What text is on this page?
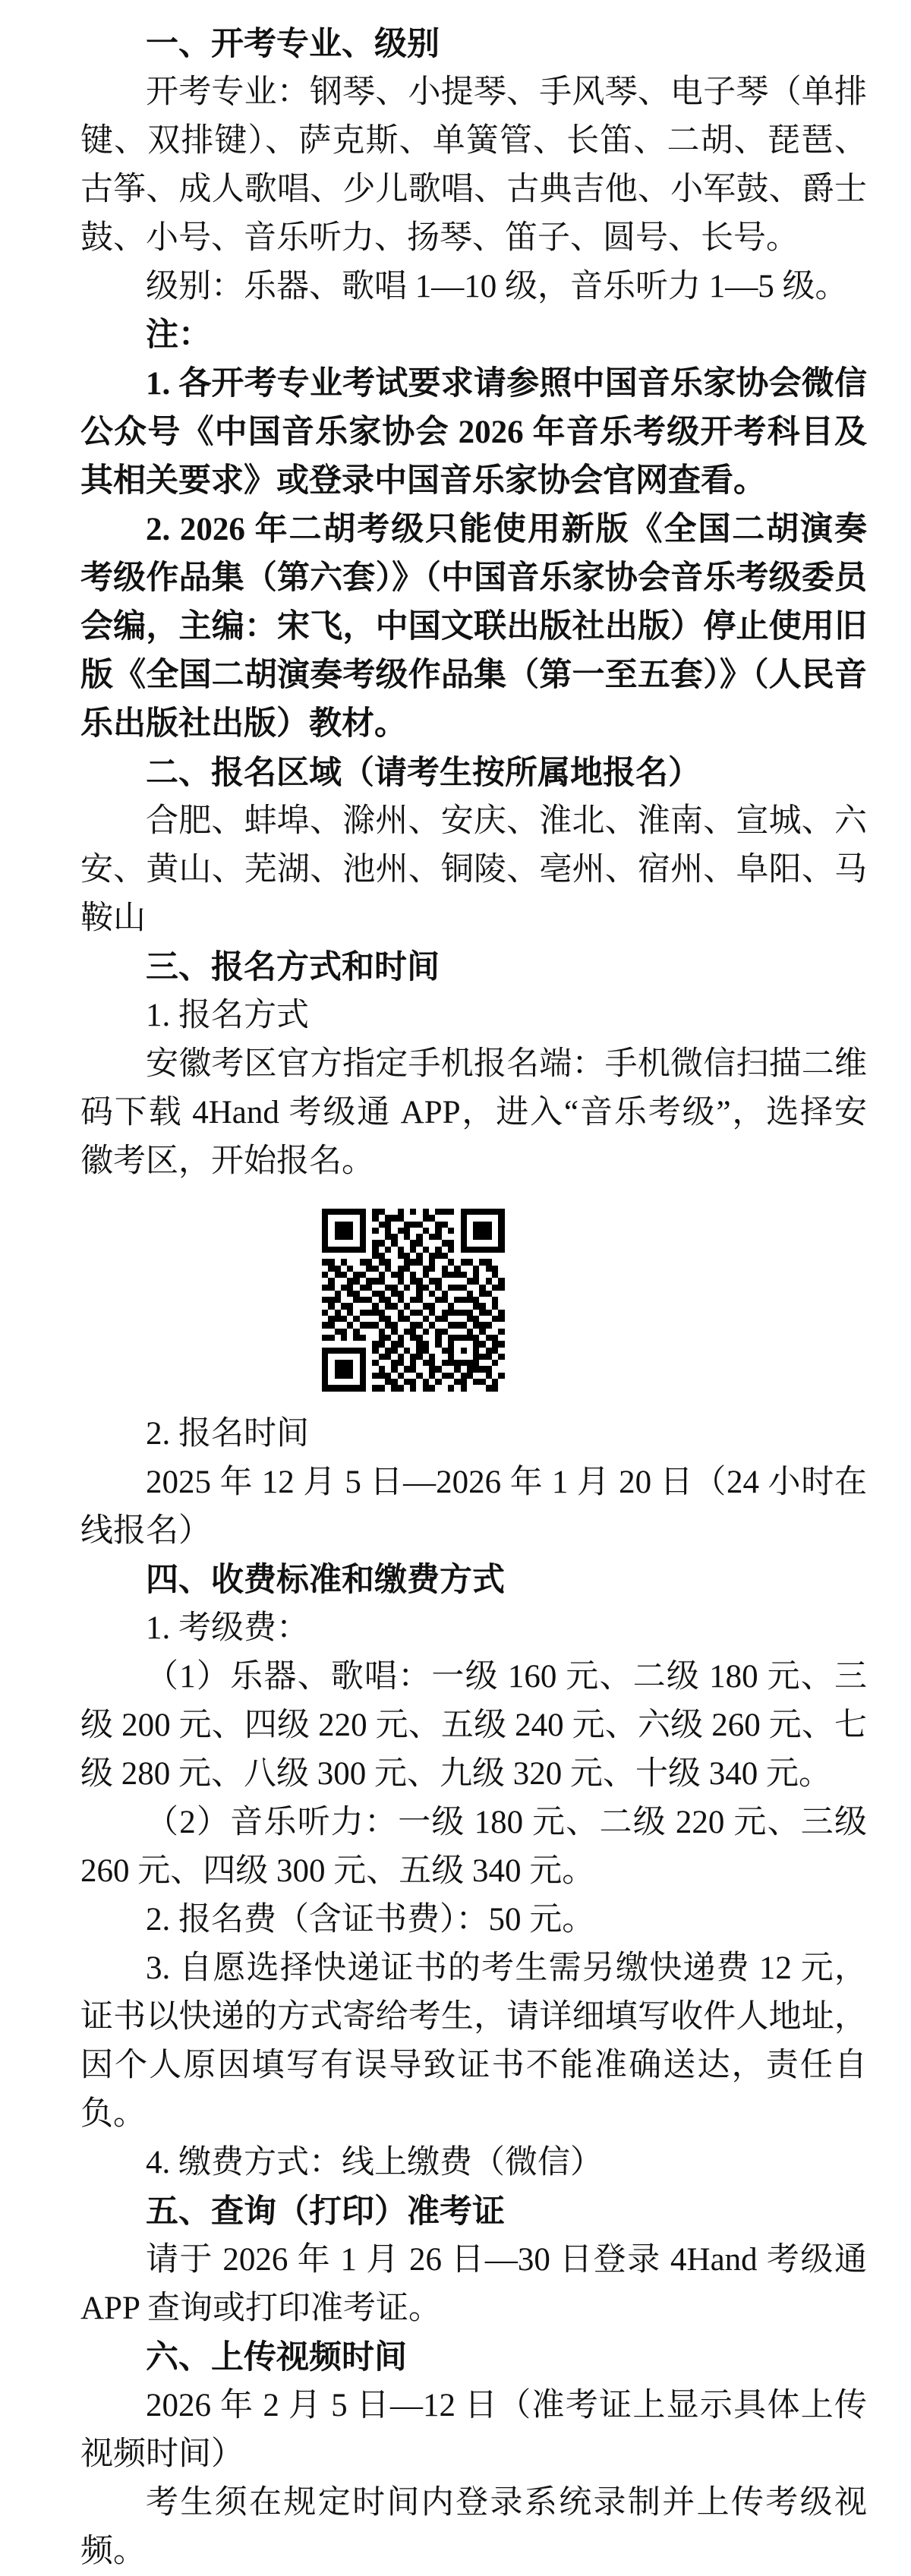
一、开考专业、级别

开考专业：钢琴、小提琴、手风琴、电子琴（单排键、双排键）、萨克斯、单簧管、长笛、二胡、琵琶、古筝、成人歌唱、少儿歌唱、古典吉他、小军鼓、爵士鼓、小号、音乐听力、扬琴、笛子、圆号、长号。

级别：乐器、歌唱 1—10 级，音乐听力 1—5 级。

注：

1. 各开考专业考试要求请参照中国音乐家协会微信公众号《中国音乐家协会 2026 年音乐考级开考科目及其相关要求》或登录中国音乐家协会官网查看。

2. 2026 年二胡考级只能使用新版《全国二胡演奏考级作品集（第六套）》（中国音乐家协会音乐考级委员会编，主编：宋飞，中国文联出版社出版）停止使用旧版《全国二胡演奏考级作品集（第一至五套）》（人民音乐出版社出版）教材。

二、报名区域（请考生按所属地报名）

合肥、蚌埠、滁州、安庆、淮北、淮南、宣城、六安、黄山、芜湖、池州、铜陵、亳州、宿州、阜阳、马鞍山

三、报名方式和时间

1. 报名方式

安徽考区官方指定手机报名端：手机微信扫描二维码下载 4Hand 考级通 APP，进入“音乐考级”，选择安徽考区，开始报名。

2. 报名时间

2025 年 12 月 5 日—2026 年 1 月 20 日（24 小时在线报名）

四、收费标准和缴费方式

1. 考级费：

（1）乐器、歌唱：一级 160 元、二级 180 元、三级 200 元、四级 220 元、五级 240 元、六级 260 元、七级 280 元、八级 300 元、九级 320 元、十级 340 元。

（2）音乐听力：一级 180 元、二级 220 元、三级 260 元、四级 300 元、五级 340 元。

2. 报名费（含证书费）：50 元。

3. 自愿选择快递证书的考生需另缴快递费 12 元，证书以快递的方式寄给考生，请详细填写收件人地址，因个人原因填写有误导致证书不能准确送达，责任自负。

4. 缴费方式：线上缴费（微信）

五、查询（打印）准考证

请于 2026 年 1 月 26 日—30 日登录 4Hand 考级通 APP 查询或打印准考证。

六、上传视频时间

2026 年 2 月 5 日—12 日（准考证上显示具体上传视频时间）

考生须在规定时间内登录系统录制并上传考级视频。
